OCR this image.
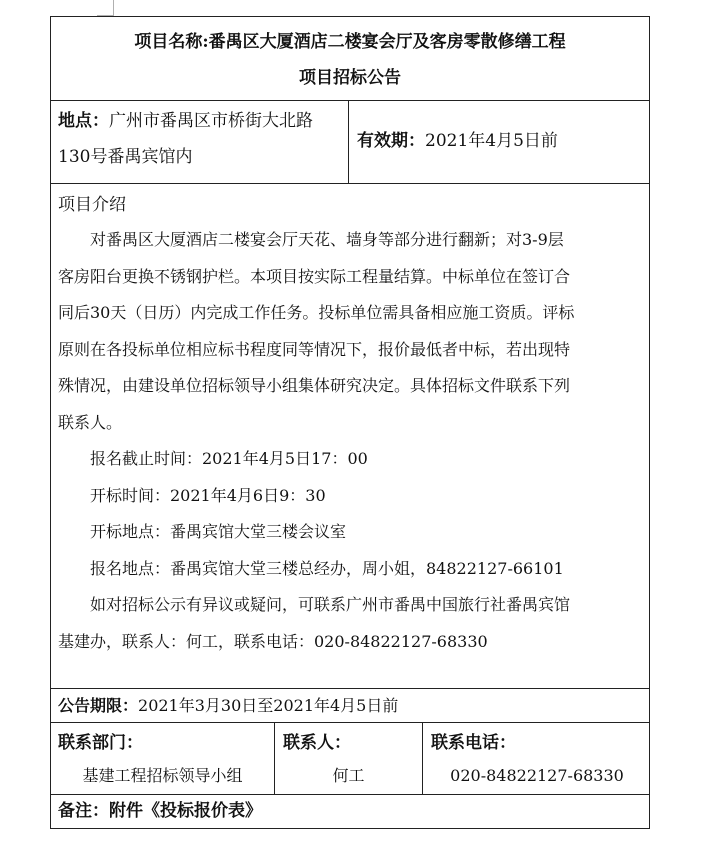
项目名称:番禺区大厦酒店二楼宴会厅及客房零散修缮工程
项目招标公告
地点：广州市番禺区市桥街大北路
130号番禺宾馆内
有效期：2021年4月5日前
项目介绍
对番禺区大厦酒店二楼宴会厅天花、墙身等部分进行翻新；对3-9层
客房阳台更换不锈钢护栏。本项目按实际工程量结算。中标单位在签订合
同后30天（日历）内完成工作任务。投标单位需具备相应施工资质。评标
原则在各投标单位相应标书程度同等情况下，报价最低者中标，若出现特
殊情况，由建设单位招标领导小组集体研究决定。具体招标文件联系下列
联系人。
报名截止时间：2021年4月5日17：00
开标时间：2021年4月6日9：30
开标地点：番禺宾馆大堂三楼会议室
报名地点：番禺宾馆大堂三楼总经办，周小姐，84822127-66101
如对招标公示有异议或疑问，可联系广州市番禺中国旅行社番禺宾馆
基建办，联系人：何工，联系电话：020-84822127-68330
公告期限：2021年3月30日至2021年4月5日前
联系部门：
基建工程招标领导小组
联系人：
何工
联系电话：
020-84822127-68330
备注：附件《投标报价表》
